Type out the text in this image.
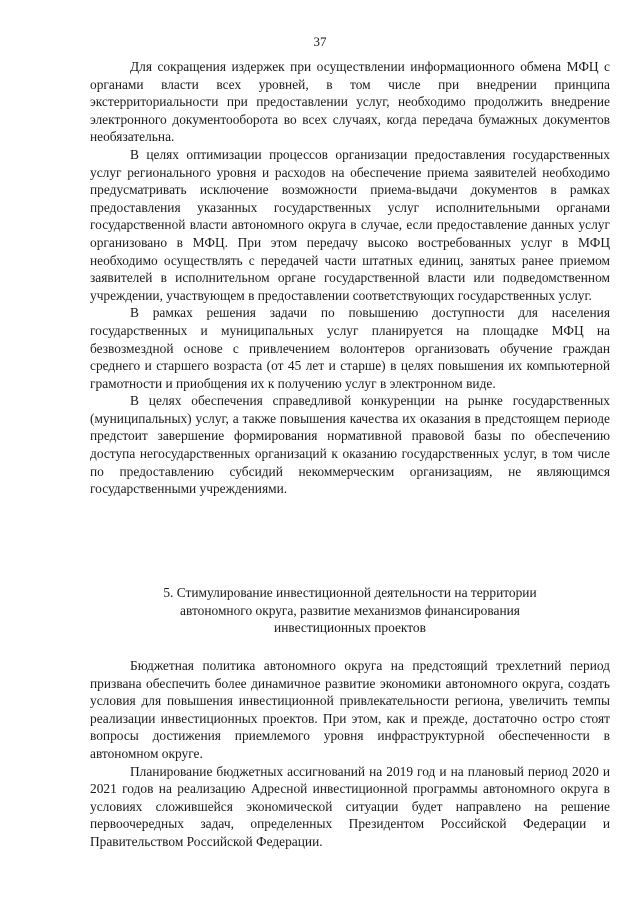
37

Для сокращения издержек при осуществлении информационного обмена МФЦ с органами власти всех уровней, в том числе при внедрении принципа экстерриториальности при предоставлении услуг, необходимо продолжить внедрение электронного документооборота во всех случаях, когда передача бумажных документов необязательна.

В целях оптимизации процессов организации предоставления государственных услуг регионального уровня и расходов на обеспечение приема заявителей необходимо предусматривать исключение возможности приема-выдачи документов в рамках предоставления указанных государственных услуг исполнительными органами государственной власти автономного округа в случае, если предоставление данных услуг организовано в МФЦ. При этом передачу высоко востребованных услуг в МФЦ необходимо осуществлять с передачей части штатных единиц, занятых ранее приемом заявителей в исполнительном органе государственной власти или подведомственном учреждении, участвующем в предоставлении соответствующих государственных услуг.

В рамках решения задачи по повышению доступности для населения государственных и муниципальных услуг планируется на площадке МФЦ на безвозмездной основе с привлечением волонтеров организовать обучение граждан среднего и старшего возраста (от 45 лет и старше) в целях повышения их компьютерной грамотности и приобщения их к получению услуг в электронном виде.

В целях обеспечения справедливой конкуренции на рынке государственных (муниципальных) услуг, а также повышения качества их оказания в предстоящем периоде предстоит завершение формирования нормативной правовой базы по обеспечению доступа негосударственных организаций к оказанию государственных услуг, в том числе по предоставлению субсидий некоммерческим организациям, не являющимся государственными учреждениями.

5. Стимулирование инвестиционной деятельности на территории
автономного округа, развитие механизмов финансирования
инвестиционных проектов

Бюджетная политика автономного округа на предстоящий трехлетний период призвана обеспечить более динамичное развитие экономики автономного округа, создать условия для повышения инвестиционной привлекательности региона, увеличить темпы реализации инвестиционных проектов. При этом, как и прежде, достаточно остро стоят вопросы достижения приемлемого уровня инфраструктурной обеспеченности в автономном округе.

Планирование бюджетных ассигнований на 2019 год и на плановый период 2020 и 2021 годов на реализацию Адресной инвестиционной программы автономного округа в условиях сложившейся экономической ситуации будет направлено на решение первоочередных задач, определенных Президентом Российской Федерации и Правительством Российской Федерации.
